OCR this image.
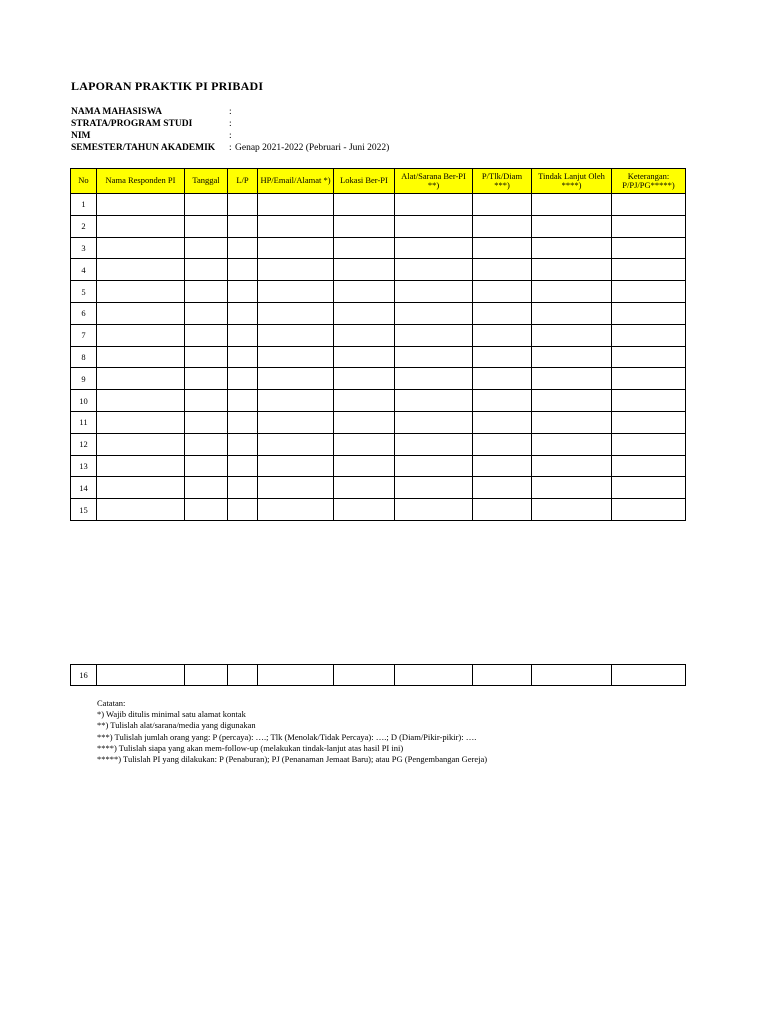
LAPORAN PRAKTIK PI PRIBADI
NAMA MAHASISWA	:
STRATA/PROGRAM STUDI	:
NIM	:
SEMESTER/TAHUN AKADEMIK : Genap 2021-2022 (Pebruari - Juni 2022)
No	Nama Responden PI	Tanggal	L/P	HP/Email/Alamat *)	Lokasi Ber-PI	Alat/Sarana Ber-PI **)	P/Tlk/Diam ***)	Tindak Lanjut Oleh ****)	Keterangan: P/PJ/PG*****)
1									
2									
3									
4									
5									
6									
7									
8									
9									
10									
11									
12									
13									
14									
15									
16									
Catatan:
*) Wajib ditulis minimal satu alamat kontak
**) Tulislah alat/sarana/media yang digunakan
***) Tulislah jumlah orang yang: P (percaya): ….; Tlk (Menolak/Tidak Percaya): ….; D (Diam/Pikir-pikir): ….
****) Tulislah siapa yang akan mem-follow-up (melakukan tindak-lanjut atas hasil PI ini)
*****) Tulislah PI yang dilakukan: P (Penaburan); PJ (Penanaman Jemaat Baru); atau PG (Pengembangan Gereja)
